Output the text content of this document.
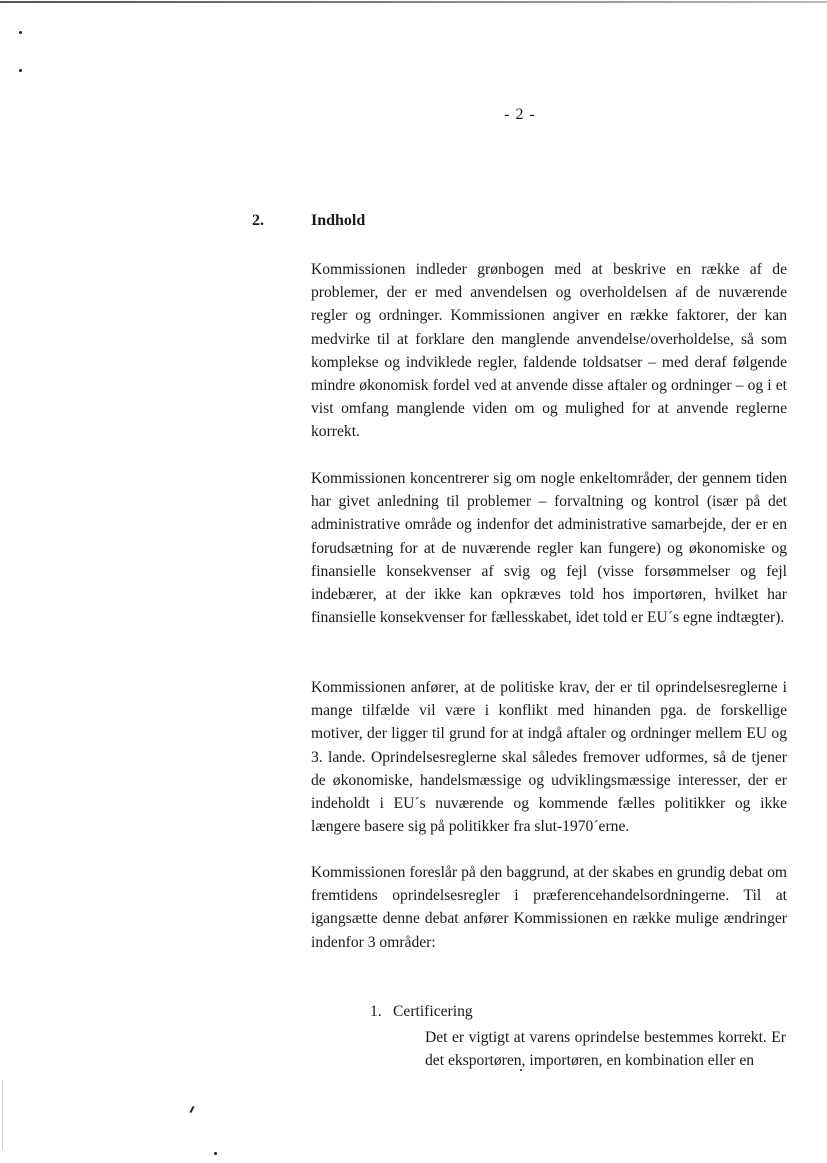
- 2 -
2.	Indhold

Kommissionen indleder grønbogen med at beskrive en række af de problemer, der er med anvendelsen og overholdelsen af de nuværende regler og ordninger. Kommissionen angiver en række faktorer, der kan medvirke til at forklare den manglende anvendelse/overholdelse, så som komplekse og indviklede regler, faldende toldsatser – med deraf følgende mindre økonomisk fordel ved at anvende disse aftaler og ordninger – og i et vist omfang manglende viden om og mulighed for at anvende reglerne korrekt.

Kommissionen koncentrerer sig om nogle enkeltområder, der gennem tiden har givet anledning til problemer – forvaltning og kontrol (især på det administrative område og indenfor det administrative samarbejde, der er en forudsætning for at de nuværende regler kan fungere) og økonomiske og finansielle konsekvenser af svig og fejl (visse forsømmelser og fejl indebærer, at der ikke kan opkræves told hos importøren, hvilket har finansielle konsekvenser for fællesskabet, idet told er EU´s egne indtægter).

Kommissionen anfører, at de politiske krav, der er til oprindelsesreglerne i mange tilfælde vil være i konflikt med hinanden pga. de forskellige motiver, der ligger til grund for at indgå aftaler og ordninger mellem EU og 3. lande. Oprindelsesreglerne skal således fremover udformes, så de tjener de økonomiske, handelsmæssige og udviklingsmæssige interesser, der er indeholdt i EU´s nuværende og kommende fælles politikker og ikke længere basere sig på politikker fra slut-1970´erne.

Kommissionen foreslår på den baggrund, at der skabes en grundig debat om fremtidens oprindelsesregler i præferencehandelsordningerne. Til at igangsætte denne debat anfører Kommissionen en række mulige ændringer indenfor 3 områder:

1. Certificering

Det er vigtigt at varens oprindelse bestemmes korrekt. Er det eksportøren, importøren, en kombination eller en
